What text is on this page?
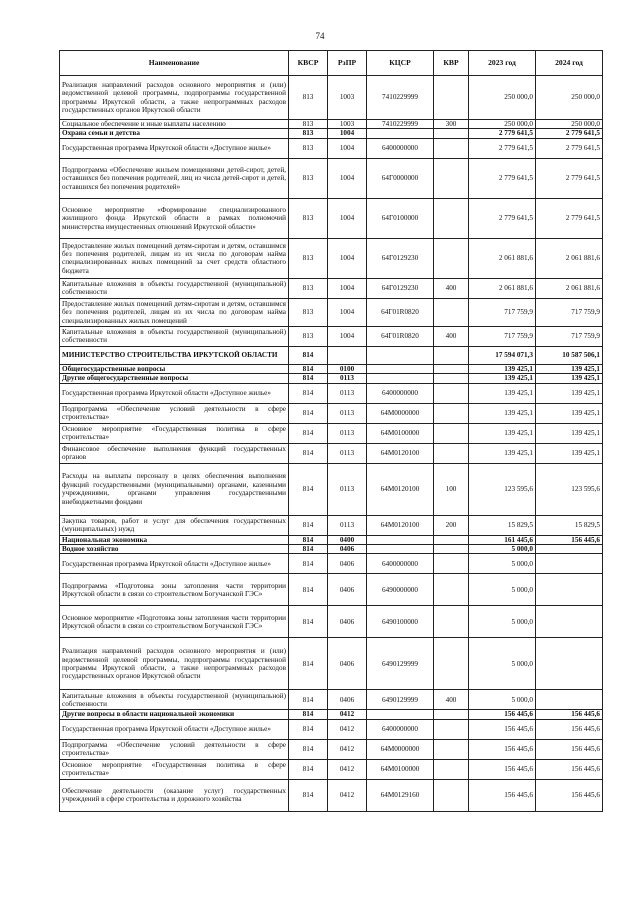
74
Наименование	КВСР	РзПР	КЦСР	КВР	2023 год	2024 год
Реализация направлений расходов основного мероприятия и (или) ведомственной целевой программы, подпрограммы государственной программы Иркутской области, а также непрограммных расходов государственных органов Иркутской области	813	1003	7410229999		250 000,0	250 000,0
Социальное обеспечение и иные выплаты населению	813	1003	7410229999	300	250 000,0	250 000,0
Охрана семьи и детства	813	1004			2 779 641,5	2 779 641,5
Государственная программа Иркутской области «Доступное жилье»	813	1004	6400000000		2 779 641,5	2 779 641,5
Подпрограмма «Обеспечение жильем помещениями детей-сирот, детей, оставшихся без попечения родителей, лиц из числа детей-сирот и детей, оставшихся без попечения родителей»	813	1004	64Г0000000		2 779 641,5	2 779 641,5
Основное мероприятие «Формирование специализированного жилищного фонда Иркутской области в рамках полномочий министерства имущественных отношений Иркутской области»	813	1004	64Г0100000		2 779 641,5	2 779 641,5
Предоставление жилых помещений детям-сиротам и детям, оставшимся без попечения родителей, лицам из их числа по договорам найма специализированных жилых помещений за счет средств областного бюджета	813	1004	64Г0129230		2 061 881,6	2 061 881,6
Капитальные вложения в объекты государственной (муниципальной) собственности	813	1004	64Г0129230	400	2 061 881,6	2 061 881,6
Предоставление жилых помещений детям-сиротам и детям, оставшимся без попечения родителей, лицам из их числа по договорам найма специализированных жилых помещений	813	1004	64Г01R0820		717 759,9	717 759,9
Капитальные вложения в объекты государственной (муниципальной) собственности	813	1004	64Г01R0820	400	717 759,9	717 759,9
МИНИСТЕРСТВО СТРОИТЕЛЬСТВА ИРКУТСКОЙ ОБЛАСТИ	814				17 594 071,3	10 587 506,1
Общегосударственные вопросы	814	0100			139 425,1	139 425,1
Другие общегосударственные вопросы	814	0113			139 425,1	139 425,1
Государственная программа Иркутской области «Доступное жилье»	814	0113	6400000000		139 425,1	139 425,1
Подпрограмма «Обеспечение условий деятельности в сфере строительства»	814	0113	64М0000000		139 425,1	139 425,1
Основное мероприятие «Государственная политика в сфере строительства»	814	0113	64М0100000		139 425,1	139 425,1
Финансовое обеспечение выполнения функций государственных органов	814	0113	64М0120100		139 425,1	139 425,1
Расходы на выплаты персоналу в целях обеспечения выполнения функций государственными (муниципальными) органами, казенными учреждениями, органами управления государственными внебюджетными фондами	814	0113	64М0120100	100	123 595,6	123 595,6
Закупка товаров, работ и услуг для обеспечения государственных (муниципальных) нужд	814	0113	64М0120100	200	15 829,5	15 829,5
Национальная экономика	814	0400			161 445,6	156 445,6
Водное хозяйство	814	0406			5 000,0	
Государственная программа Иркутской области «Доступное жилье»	814	0406	6400000000		5 000,0	
Подпрограмма «Подготовка зоны затопления части территории Иркутской области в связи со строительством Богучанской ГЭС»	814	0406	6490000000		5 000,0	
Основное мероприятие «Подготовка зоны затопления части территории Иркутской области в связи со строительством Богучанской ГЭС»	814	0406	6490100000		5 000,0	
Реализация направлений расходов основного мероприятия и (или) ведомственной целевой программы, подпрограммы государственной программы Иркутской области, а также непрограммных расходов государственных органов Иркутской области	814	0406	6490129999		5 000,0	
Капитальные вложения в объекты государственной (муниципальной) собственности	814	0406	6490129999	400	5 000,0	
Другие вопросы в области национальной экономики	814	0412			156 445,6	156 445,6
Государственная программа Иркутской области «Доступное жилье»	814	0412	6400000000		156 445,6	156 445,6
Подпрограмма «Обеспечение условий деятельности в сфере строительства»	814	0412	64М0000000		156 445,6	156 445,6
Основное мероприятие «Государственная политика в сфере строительства»	814	0412	64М0100000		156 445,6	156 445,6
Обеспечение деятельности (оказание услуг) государственных учреждений в сфере строительства и дорожного хозяйства	814	0412	64М0129160		156 445,6	156 445,6
